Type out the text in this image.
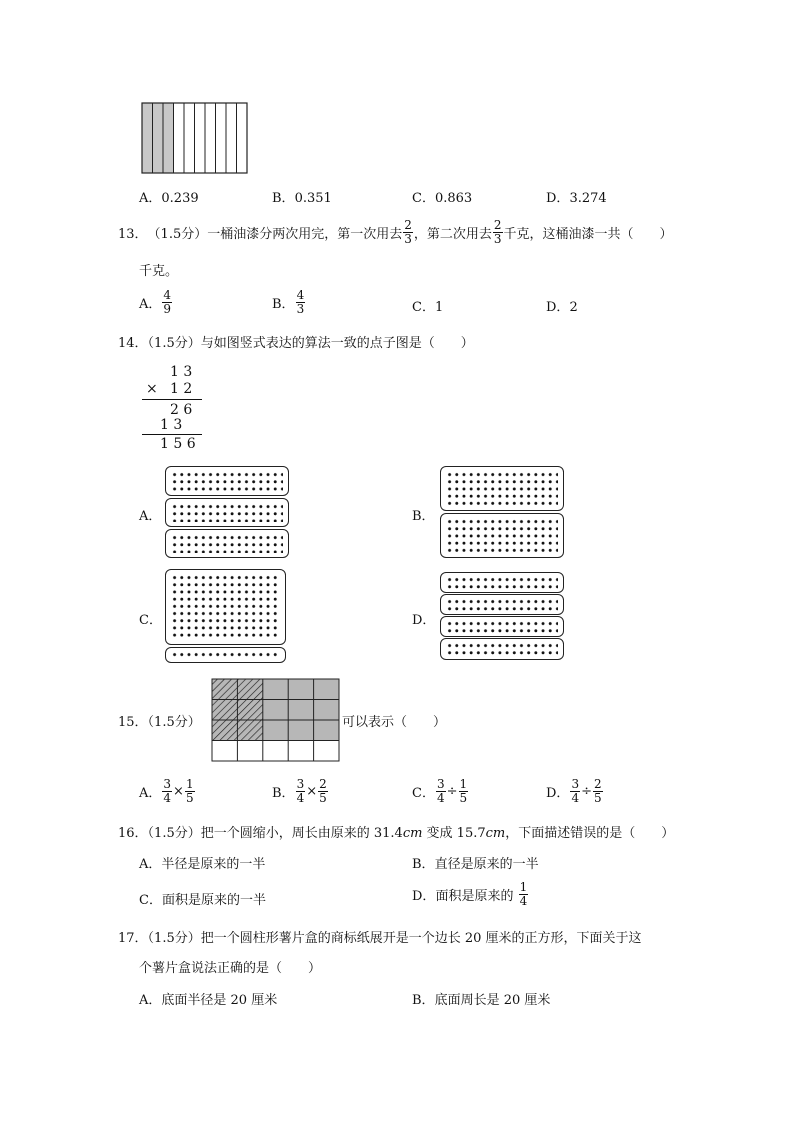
A．0.239	B．0.351	C．0.863	D．3.274
13． （1.5分） 一桶油漆分两次用完，第一次用去 $\frac{2}{3}$ ，第二次用去 $\frac{2}{3}$ 千克，这桶油漆一共（　　）
千克。
A． $\frac{4}{9}$	B． $\frac{4}{3}$	C．1	D．2
14．（1.5分）与如图竖式表达的算法一致的点子图是（　　）
1 3
× 1 2
2 6
1 3
1 5 6
A．	B．
C．	D．
15．（1.5分）	可以表示（　　）
A． $\frac{3}{4} \times \frac{1}{5}$	B． $\frac{3}{4} \times \frac{2}{5}$	C． $\frac{3}{4} \div \frac{1}{5}$	D． $\frac{3}{4} \div \frac{2}{5}$
16．（1.5分）把一个圆缩小，周长由原来的 31.4cm 变成 15.7cm，下面描述错误的是（　　）
A．半径是原来的一半	B．直径是原来的一半
C．面积是原来的一半	D． 面积是原来的
$\frac{1}{4}$
17．（1.5分）把一个圆柱形薯片盒的商标纸展开是一个边长 20 厘米的正方形，下面关于这
个薯片盒说法正确的是（　　）
A．底面半径是 20 厘米	B．底面周长是 20 厘米
